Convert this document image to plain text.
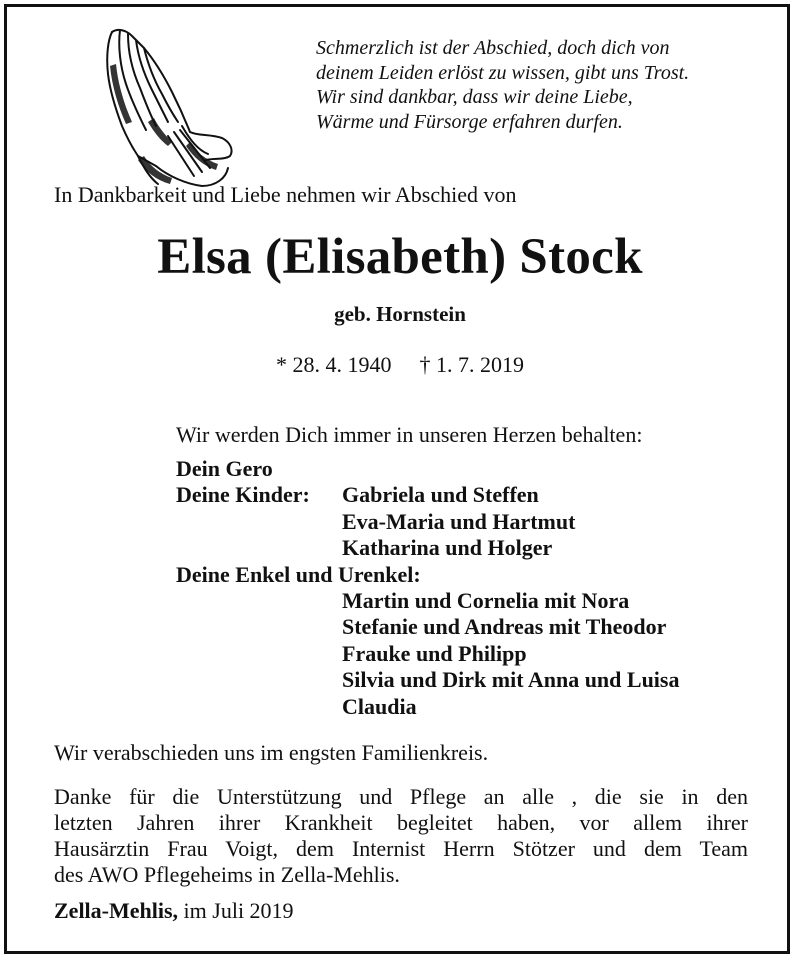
Schmerzlich ist der Abschied, doch dich von
deinem Leiden erlöst zu wissen, gibt uns Trost.
Wir sind dankbar, dass wir deine Liebe,
Wärme und Fürsorge erfahren durfen.
In Dankbarkeit und Liebe nehmen wir Abschied von
Elsa (Elisabeth) Stock
geb. Hornstein
* 28. 4. 1940 † 1. 7. 2019
Wir werden Dich immer in unseren Herzen behalten:
Dein Gero
Deine Kinder:	Gabriela und Steffen
Eva-Maria und Hartmut
Katharina und Holger
Deine Enkel und Urenkel:
Martin und Cornelia mit Nora
Stefanie und Andreas mit Theodor
Frauke und Philipp
Silvia und Dirk mit Anna und Luisa
Claudia
Wir verabschieden uns im engsten Familienkreis.
Danke für die Unterstützung und Pflege an alle , die sie in den
letzten Jahren ihrer Krankheit begleitet haben, vor allem ihrer
Hausärztin Frau Voigt, dem Internist Herrn Stötzer und dem Team
des AWO Pflegeheims in Zella-Mehlis.
Zella-Mehlis, im Juli 2019
